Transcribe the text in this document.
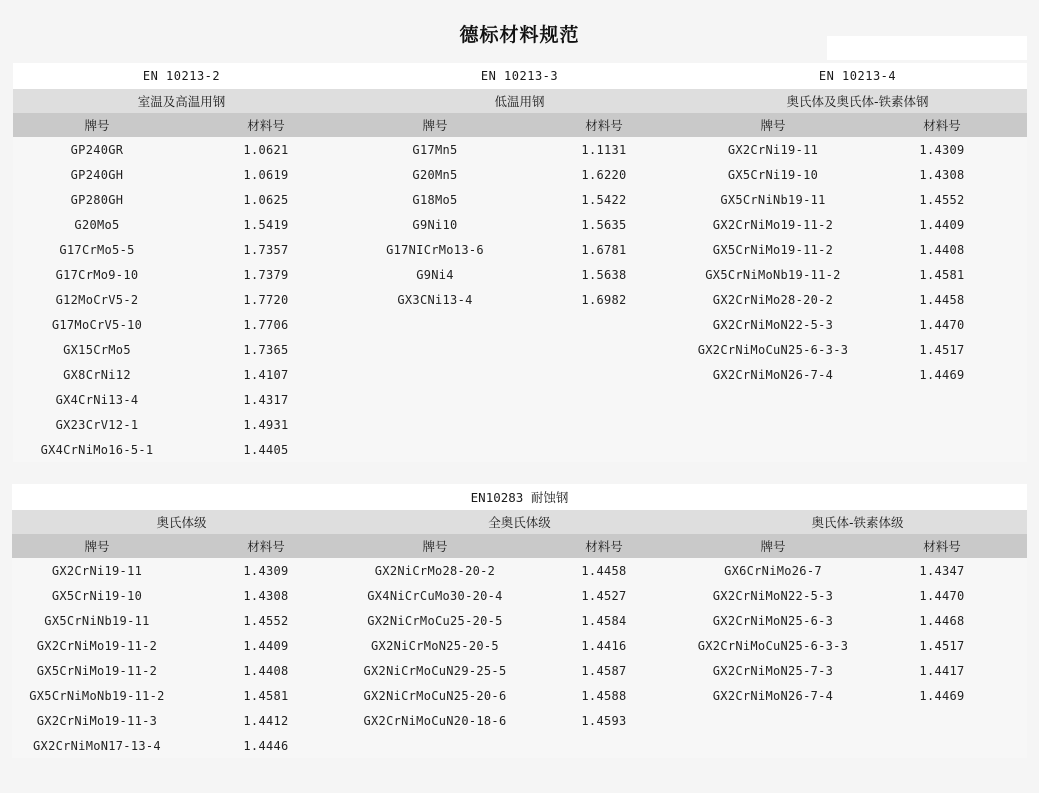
德标材料规范
EN 10213-2		EN 10213-3		EN 10213-4	
室温及高温用钢		低温用钢		奥氏体及奥氏体-铁素体钢	
牌号	材料号	牌号	材料号	牌号	材料号
GP240GR	1.0621	G17Mn5	1.1131	GX2CrNi19-11	1.4309
GP240GH	1.0619	G20Mn5	1.6220	GX5CrNi19-10	1.4308
GP280GH	1.0625	G18Mo5	1.5422	GX5CrNiNb19-11	1.4552
G20Mo5	1.5419	G9Ni10	1.5635	GX2CrNiMo19-11-2	1.4409
G17CrMo5-5	1.7357	G17NICrMo13-6	1.6781	GX5CrNiMo19-11-2	1.4408
G17CrMo9-10	1.7379	G9Ni4	1.5638	GX5CrNiMoNb19-11-2	1.4581
G12MoCrV5-2	1.7720	GX3CNi13-4	1.6982	GX2CrNiMo28-20-2	1.4458
G17MoCrV5-10	1.7706			GX2CrNiMoN22-5-3	1.4470
GX15CrMo5	1.7365			GX2CrNiMoCuN25-6-3-3	1.4517
GX8CrNi12	1.4107			GX2CrNiMoN26-7-4	1.4469
GX4CrNi13-4	1.4317				
GX23CrV12-1	1.4931				
GX4CrNiMo16-5-1	1.4405				
EN10283 耐蚀钢					
奥氏体级		全奥氏体级		奥氏体-铁素体级	
牌号	材料号	牌号	材料号	牌号	材料号
GX2CrNi19-11	1.4309	GX2NiCrMo28-20-2	1.4458	GX6CrNiMo26-7	1.4347
GX5CrNi19-10	1.4308	GX4NiCrCuMo30-20-4	1.4527	GX2CrNiMoN22-5-3	1.4470
GX5CrNiNb19-11	1.4552	GX2NiCrMoCu25-20-5	1.4584	GX2CrNiMoN25-6-3	1.4468
GX2CrNiMo19-11-2	1.4409	GX2NiCrMoN25-20-5	1.4416	GX2CrNiMoCuN25-6-3-3	1.4517
GX5CrNiMo19-11-2	1.4408	GX2NiCrMoCuN29-25-5	1.4587	GX2CrNiMoN25-7-3	1.4417
GX5CrNiMoNb19-11-2	1.4581	GX2NiCrMoCuN25-20-6	1.4588	GX2CrNiMoN26-7-4	1.4469
GX2CrNiMo19-11-3	1.4412	GX2CrNiMoCuN20-18-6	1.4593		
GX2CrNiMoN17-13-4	1.4446				
